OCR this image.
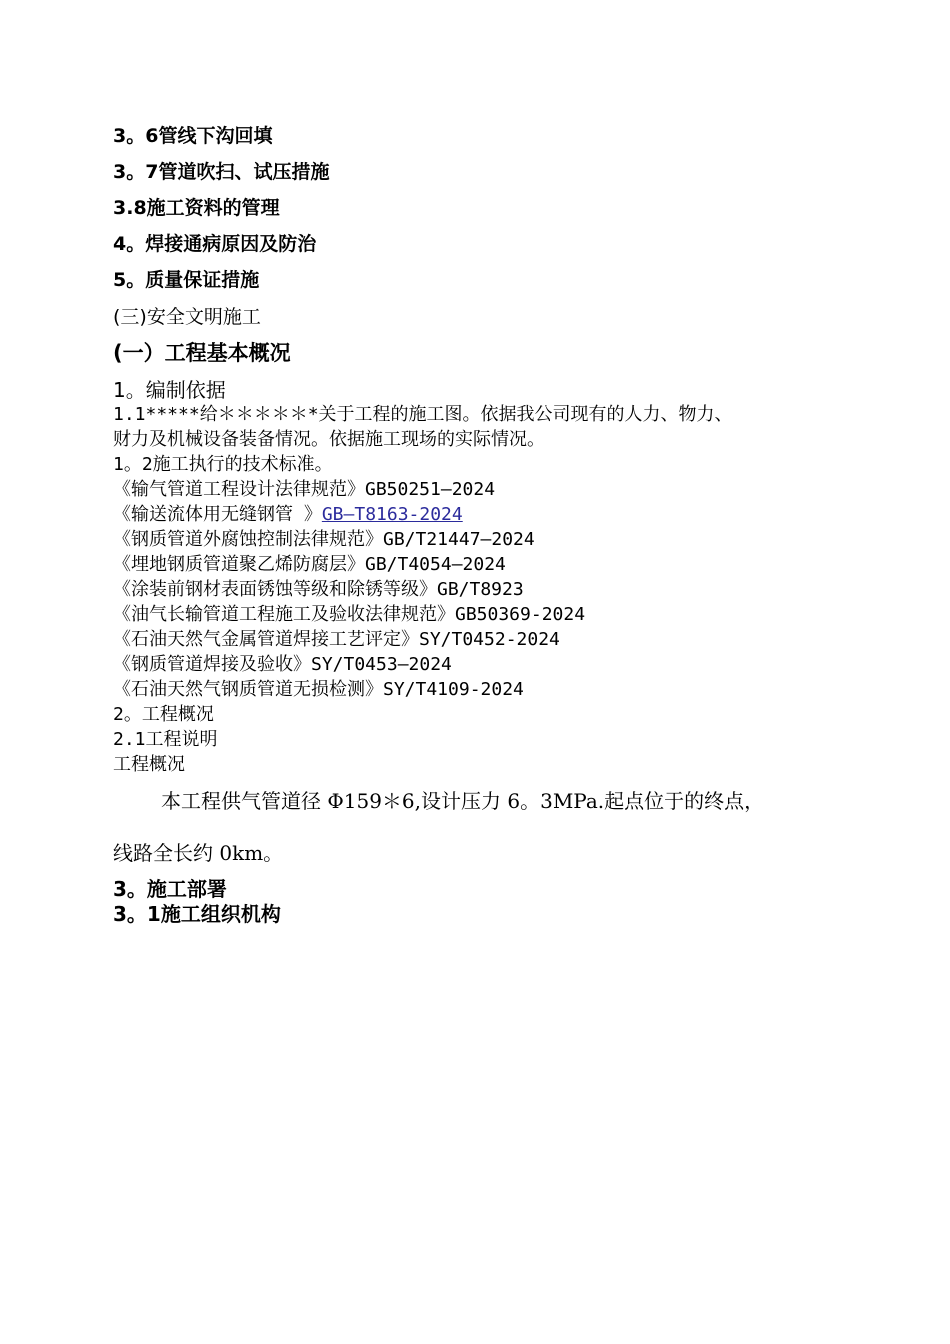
3。6管线下沟回填
3。7管道吹扫、试压措施
3.8施工资料的管理
4。焊接通病原因及防治
5。质量保证措施
(三)安全文明施工
(一）工程基本概况
1。编制依据
1.1*****给＊＊＊＊＊*关于工程的施工图。依据我公司现有的人力、物力、
财力及机械设备装备情况。依据施工现场的实际情况。
1。2施工执行的技术标准。
《输气管道工程设计法律规范》GB50251—2024
《输送流体用无缝钢管 》GB—T8163-2024
《钢质管道外腐蚀控制法律规范》GB/T21447—2024
《埋地钢质管道聚乙烯防腐层》GB/T4054—2024
《涂装前钢材表面锈蚀等级和除锈等级》GB/T8923
《油气长输管道工程施工及验收法律规范》GB50369-2024
《石油天然气金属管道焊接工艺评定》SY/T0452-2024
《钢质管道焊接及验收》SY/T0453—2024
《石油天然气钢质管道无损检测》SY/T4109-2024
2。工程概况
2.1工程说明
工程概况
本工程供气管道径 Φ159＊6,设计压力 6。3MPa.起点位于的终点，
线路全长约 0km。
3。施工部署
3。1施工组织机构
